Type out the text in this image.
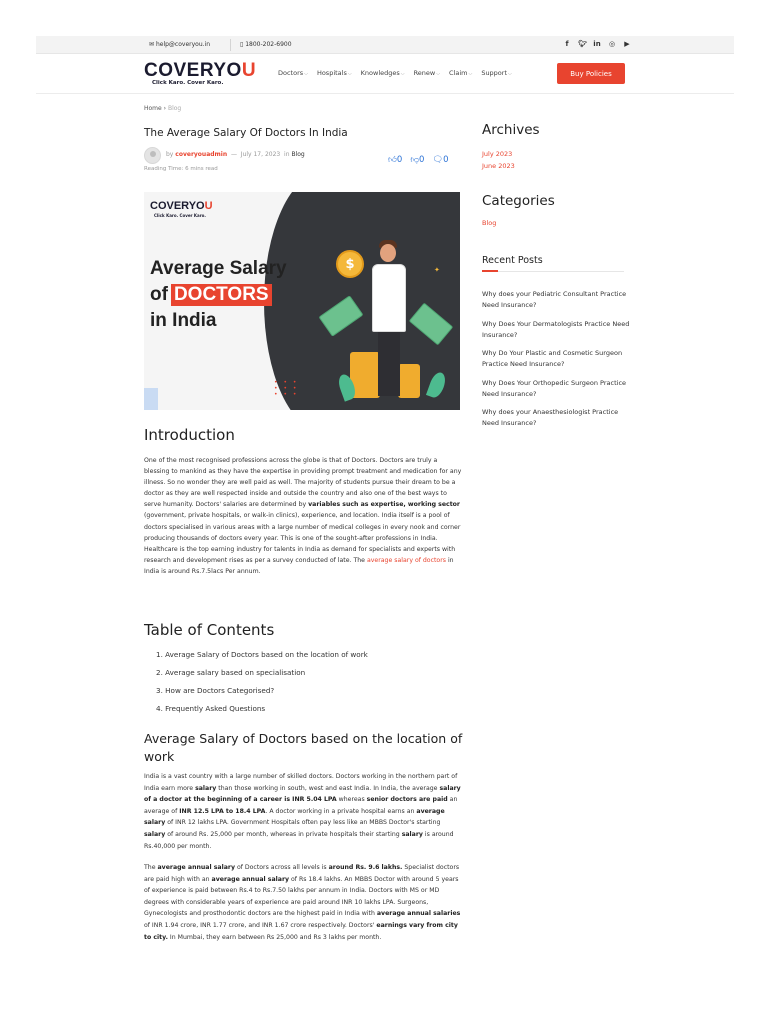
✉ help@coveryou.in	▯ 1800-202-6900	f	🐦︎ in ◎ ▶
COVERYOU
Click Karo. Cover Karo.
Doctors⌵ Hospitals⌵ Knowledges⌵ Renew⌵ Claim⌵ Support⌵	Buy Policies
Home › Blog
The Average Salary Of Doctors In India
by coveryouadmin — July 17, 2023 in Blog
Reading Time: 6 mins read
👍︎0 👎︎0 🗨︎0
COVERYOU
Click Karo. Cover Karo.
Average Salary
of DOCTORS
in India
$	✦
• • •
• • •
• • •
Introduction
One of the most recognised professions across the globe is that of Doctors. Doctors are truly a blessing to mankind as they have the expertise in providing prompt treatment and medication for any illness. So no wonder they are well paid as well. The majority of students pursue their dream to be a doctor as they are well respected inside and outside the country and also one of the best ways to serve humanity. Doctors' salaries are determined by variables such as expertise, working sector (government, private hospitals, or walk-in clinics), experience, and location. India itself is a pool of doctors specialised in various areas with a large number of medical colleges in every nook and corner producing thousands of doctors every year. This is one of the sought-after professions in India. Healthcare is the top earning industry for talents in India as demand for specialists and experts with research and development rises as per a survey conducted of late. The average salary of doctors in India is around Rs.7.5lacs Per annum.
Table of Contents
1. Average Salary of Doctors based on the location of work
2. Average salary based on specialisation
3. How are Doctors Categorised?
4. Frequently Asked Questions
Average Salary of Doctors based on the location of work
India is a vast country with a large number of skilled doctors. Doctors working in the northern part of India earn more salary than those working in south, west and east India. In India, the average salary of a doctor at the beginning of a career is INR 5.04 LPA whereas senior doctors are paid an average of INR 12.5 LPA to 18.4 LPA. A doctor working in a private hospital earns an average salary of INR 12 lakhs LPA. Government Hospitals often pay less like an MBBS Doctor's starting salary of around Rs. 25,000 per month, whereas in private hospitals their starting salary is around Rs.40,000 per month.
The average annual salary of Doctors across all levels is around Rs. 9.6 lakhs. Specialist doctors are paid high with an average annual salary of Rs 18.4 lakhs. An MBBS Doctor with around 5 years of experience is paid between Rs.4 to Rs.7.50 lakhs per annum in India. Doctors with MS or MD degrees with considerable years of experience are paid around INR 10 lakhs LPA. Surgeons, Gynecologists and prosthodontic doctors are the highest paid in India with average annual salaries of INR 1.94 crore, INR 1.77 crore, and INR 1.67 crore respectively. Doctors' earnings vary from city to city. In Mumbai, they earn between Rs 25,000 and Rs 3 lakhs per month.
Archives
July 2023
June 2023
Categories
Blog
Recent Posts
Why does your Pediatric Consultant Practice Need Insurance?
Why Does Your Dermatologists Practice Need Insurance?
Why Do Your Plastic and Cosmetic Surgeon Practice Need Insurance?
Why Does Your Orthopedic Surgeon Practice Need Insurance?
Why does your Anaesthesiologist Practice Need Insurance?
